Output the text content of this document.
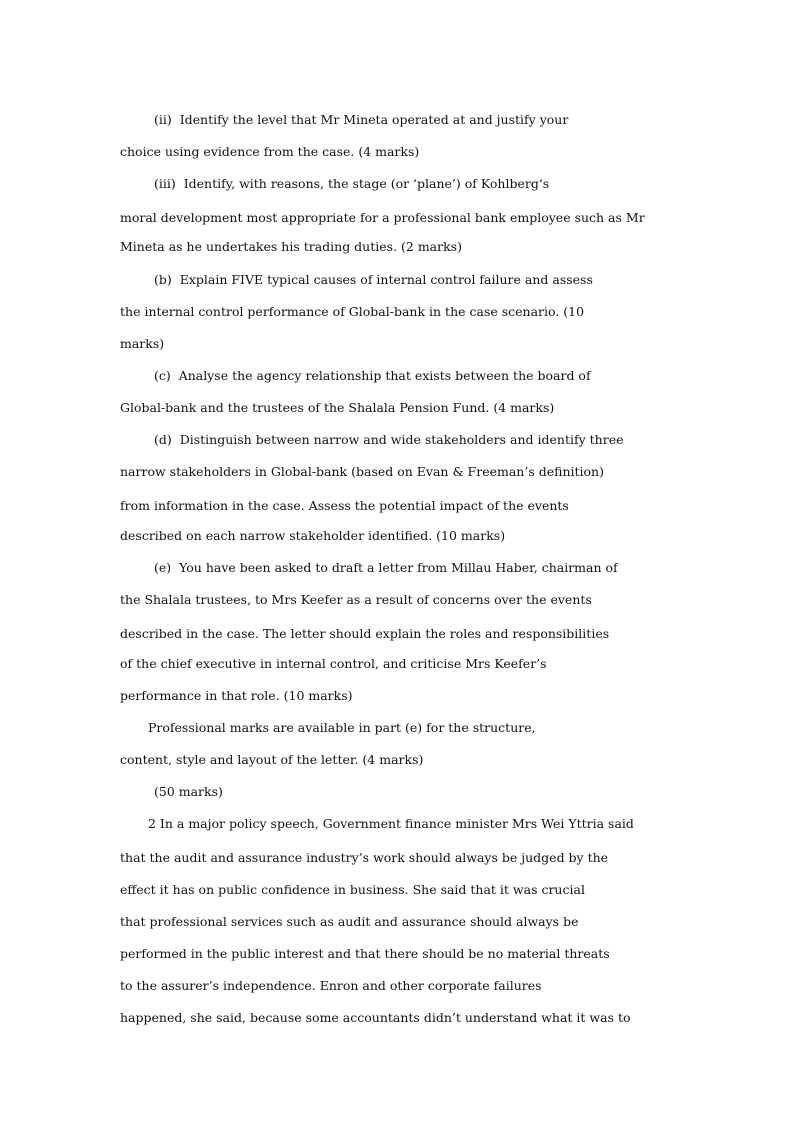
(ii)  Identify the level that Mr Mineta operated at and justify your
choice using evidence from the case. (4 marks)
(iii)  Identify, with reasons, the stage (or ‘plane’) of Kohlberg‘s
moral development most appropriate for a professional bank employee such as Mr
Mineta as he undertakes his trading duties. (2 marks)
(b)  Explain FIVE typical causes of internal control failure and assess
the internal control performance of Global-bank in the case scenario. (10
marks)
(c)  Analyse the agency relationship that exists between the board of
Global-bank and the trustees of the Shalala Pension Fund. (4 marks)
(d)  Distinguish between narrow and wide stakeholders and identify three
narrow stakeholders in Global-bank (based on Evan & Freeman’s definition)
from information in the case. Assess the potential impact of the events
described on each narrow stakeholder identified. (10 marks)
(e)  You have been asked to draft a letter from Millau Haber, chairman of
the Shalala trustees, to Mrs Keefer as a result of concerns over the events
described in the case. The letter should explain the roles and responsibilities
of the chief executive in internal control, and criticise Mrs Keefer’s
performance in that role. (10 marks)
Professional marks are available in part (e) for the structure,
content, style and layout of the letter. (4 marks)
(50 marks)
2 In a major policy speech, Government finance minister Mrs Wei Yttria said
that the audit and assurance industry’s work should always be judged by the
effect it has on public confidence in business. She said that it was crucial
that professional services such as audit and assurance should always be
performed in the public interest and that there should be no material threats
to the assurer’s independence. Enron and other corporate failures
happened, she said, because some accountants didn’t understand what it was to
